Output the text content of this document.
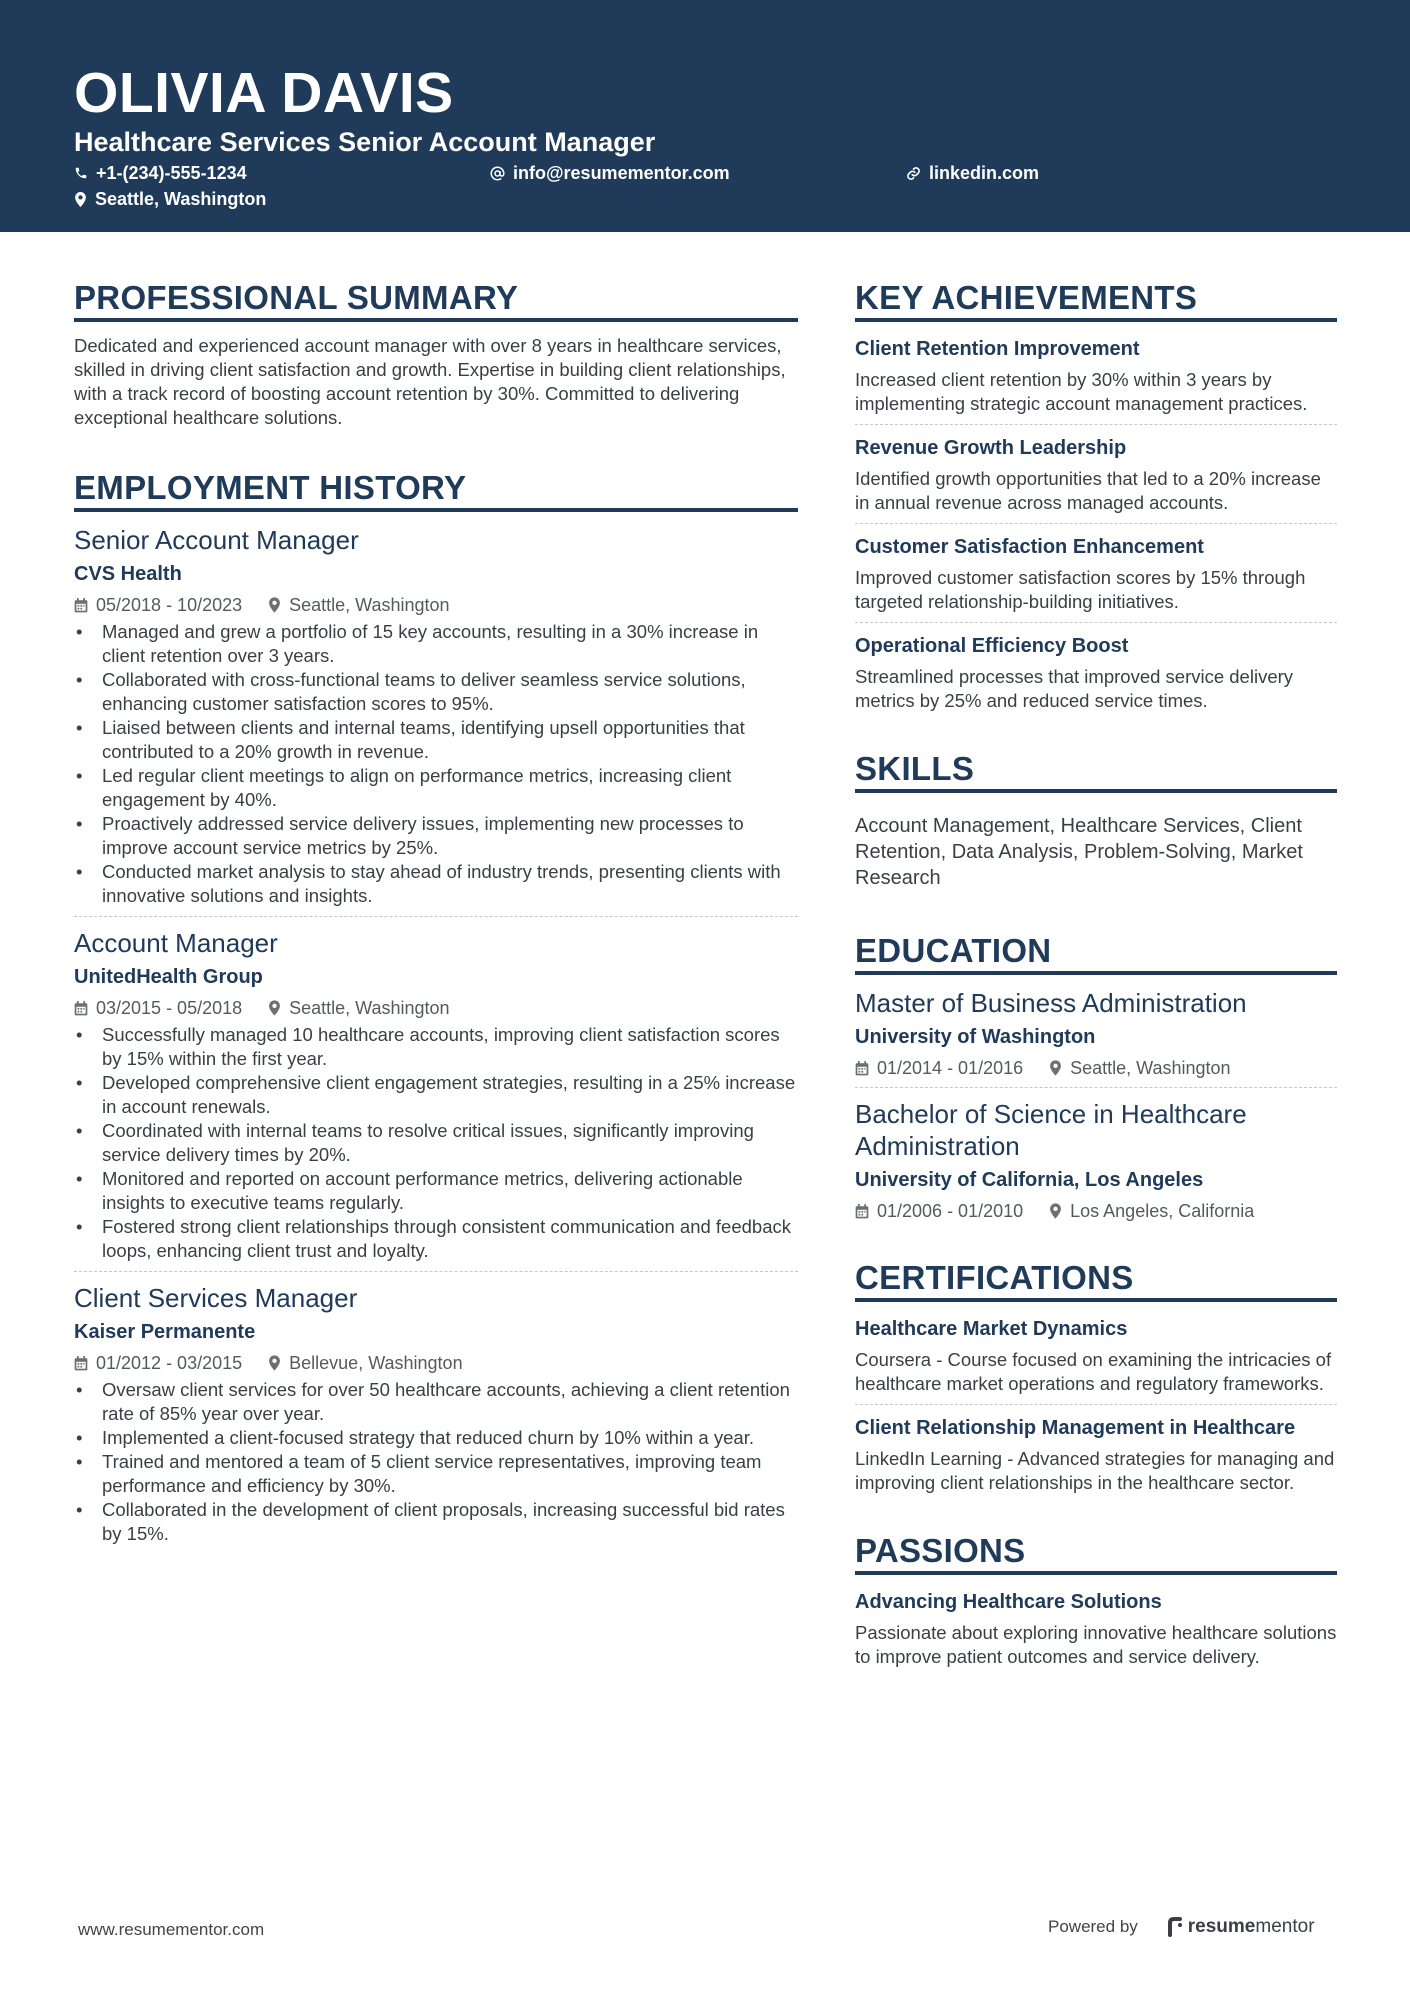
OLIVIA DAVIS
Healthcare Services Senior Account Manager
+1-(234)-555-1234	info@resumementor.com	linkedin.com
Seattle, Washington
PROFESSIONAL SUMMARY
Dedicated and experienced account manager with over 8 years in healthcare services, skilled in driving client satisfaction and growth. Expertise in building client relationships, with a track record of boosting account retention by 30%. Committed to delivering exceptional healthcare solutions.
EMPLOYMENT HISTORY
Senior Account Manager
CVS Health
05/2018 - 10/2023	Seattle, Washington
• Managed and grew a portfolio of 15 key accounts, resulting in a 30% increase in client retention over 3 years.
• Collaborated with cross-functional teams to deliver seamless service solutions, enhancing customer satisfaction scores to 95%.
• Liaised between clients and internal teams, identifying upsell opportunities that contributed to a 20% growth in revenue.
• Led regular client meetings to align on performance metrics, increasing client engagement by 40%.
• Proactively addressed service delivery issues, implementing new processes to improve account service metrics by 25%.
• Conducted market analysis to stay ahead of industry trends, presenting clients with innovative solutions and insights.
Account Manager
UnitedHealth Group
03/2015 - 05/2018	Seattle, Washington
• Successfully managed 10 healthcare accounts, improving client satisfaction scores by 15% within the first year.
• Developed comprehensive client engagement strategies, resulting in a 25% increase in account renewals.
• Coordinated with internal teams to resolve critical issues, significantly improving service delivery times by 20%.
• Monitored and reported on account performance metrics, delivering actionable insights to executive teams regularly.
• Fostered strong client relationships through consistent communication and feedback loops, enhancing client trust and loyalty.
Client Services Manager
Kaiser Permanente
01/2012 - 03/2015	Bellevue, Washington
• Oversaw client services for over 50 healthcare accounts, achieving a client retention rate of 85% year over year.
• Implemented a client-focused strategy that reduced churn by 10% within a year.
• Trained and mentored a team of 5 client service representatives, improving team performance and efficiency by 30%.
• Collaborated in the development of client proposals, increasing successful bid rates by 15%.
KEY ACHIEVEMENTS
Client Retention Improvement
Increased client retention by 30% within 3 years by implementing strategic account management practices.
Revenue Growth Leadership
Identified growth opportunities that led to a 20% increase in annual revenue across managed accounts.
Customer Satisfaction Enhancement
Improved customer satisfaction scores by 15% through targeted relationship-building initiatives.
Operational Efficiency Boost
Streamlined processes that improved service delivery metrics by 25% and reduced service times.
SKILLS
Account Management, Healthcare Services, Client Retention, Data Analysis, Problem-Solving, Market Research
EDUCATION
Master of Business Administration
University of Washington
01/2014 - 01/2016	Seattle, Washington
Bachelor of Science in Healthcare Administration
University of California, Los Angeles
01/2006 - 01/2010	Los Angeles, California
CERTIFICATIONS
Healthcare Market Dynamics
Coursera - Course focused on examining the intricacies of healthcare market operations and regulatory frameworks.
Client Relationship Management in Healthcare
LinkedIn Learning - Advanced strategies for managing and improving client relationships in the healthcare sector.
PASSIONS
Advancing Healthcare Solutions
Passionate about exploring innovative healthcare solutions to improve patient outcomes and service delivery.
www.resumementor.com	Powered by	resume mentor
